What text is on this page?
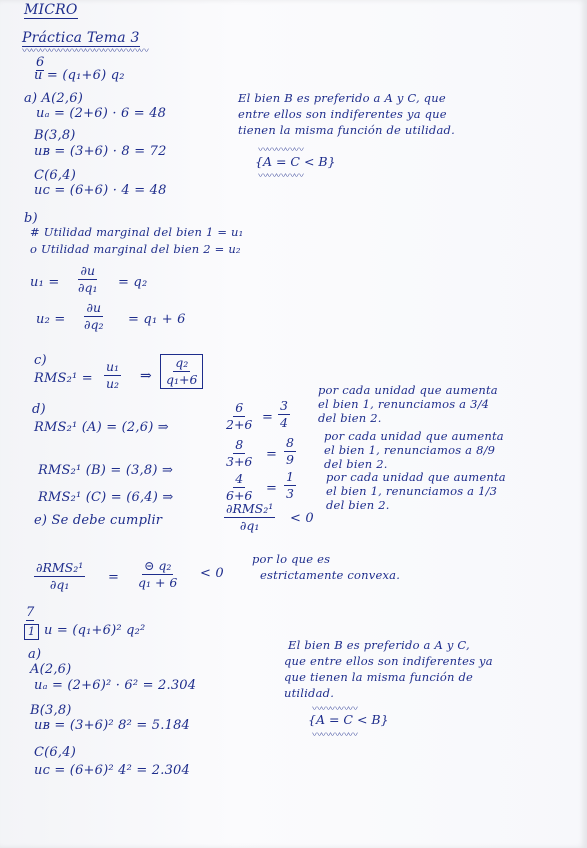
MICRO
Práctica Tema 3
〰〰〰〰〰〰〰〰〰〰〰〰〰〰
6
u = (q₁+6) q₂
a) A(2,6)
uₐ = (2+6) · 6 = 48
B(3,8)
uʙ = (3+6) · 8 = 72
C(6,4)
uᴄ = (6+6) · 4 = 48
El bien B es preferido a A y C, que
entre ellos son indiferentes ya que
tienen la misma función de utilidad.
〰〰〰〰〰
{A = C < B}
〰〰〰〰〰
b)
# Utilidad marginal del bien 1 = u₁
o Utilidad marginal del bien 2 = u₂
$u_1 = \frac{\partial u}{\text{∂q₁}} = q_2$
$u_2 = \frac{\partial u}{\text{∂q₂}} = q_1 + 6$
c)
$RMS_2^1 = \frac{\text{u₁}}{\text{u₂}}$ ⇒ $\frac{\text{q₂}}{\text{q₁+6}}$
d)
RMS₂¹ (A) = (2,6) ⇒	$\frac{6}{2+6} = \frac{3}{4}$
por cada unidad que aumenta
el bien 1, renunciamos a 3/4
del bien 2.
RMS₂¹ (B) = (3,8) ⇒
$\frac{8}{3+6} = \frac{8}{9}$ por cada unidad que aumenta
el bien 1, renunciamos a 8/9
del bien 2.
RMS₂¹ (C) = (6,4) ⇒	$\frac{4}{6+6} = \frac{1}{3}$	por cada unidad que aumenta
el bien 1, renunciamos a 1/3
del bien 2.
e) Se debe cumplir
∂RMS₂¹
∂q₁ < 0
∂RMS₂¹
∂q₁	= $\frac{\text{⊝ q₂}}{\text{q₁ + 6}} < 0$
por lo que es
estrictamente convexa.
7
1 u = (q₁+6)² q₂²
a)
A(2,6)
uₐ = (2+6)² · 6² = 2.304
B(3,8)
uʙ = (3+6)² 8² = 5.184
C(6,4)
uᴄ = (6+6)² 4² = 2.304
El bien B es preferido a A y C,
que entre ellos son indiferentes ya
que tienen la misma función de
utilidad.
〰〰〰〰〰
{A = C < B}
〰〰〰〰〰
